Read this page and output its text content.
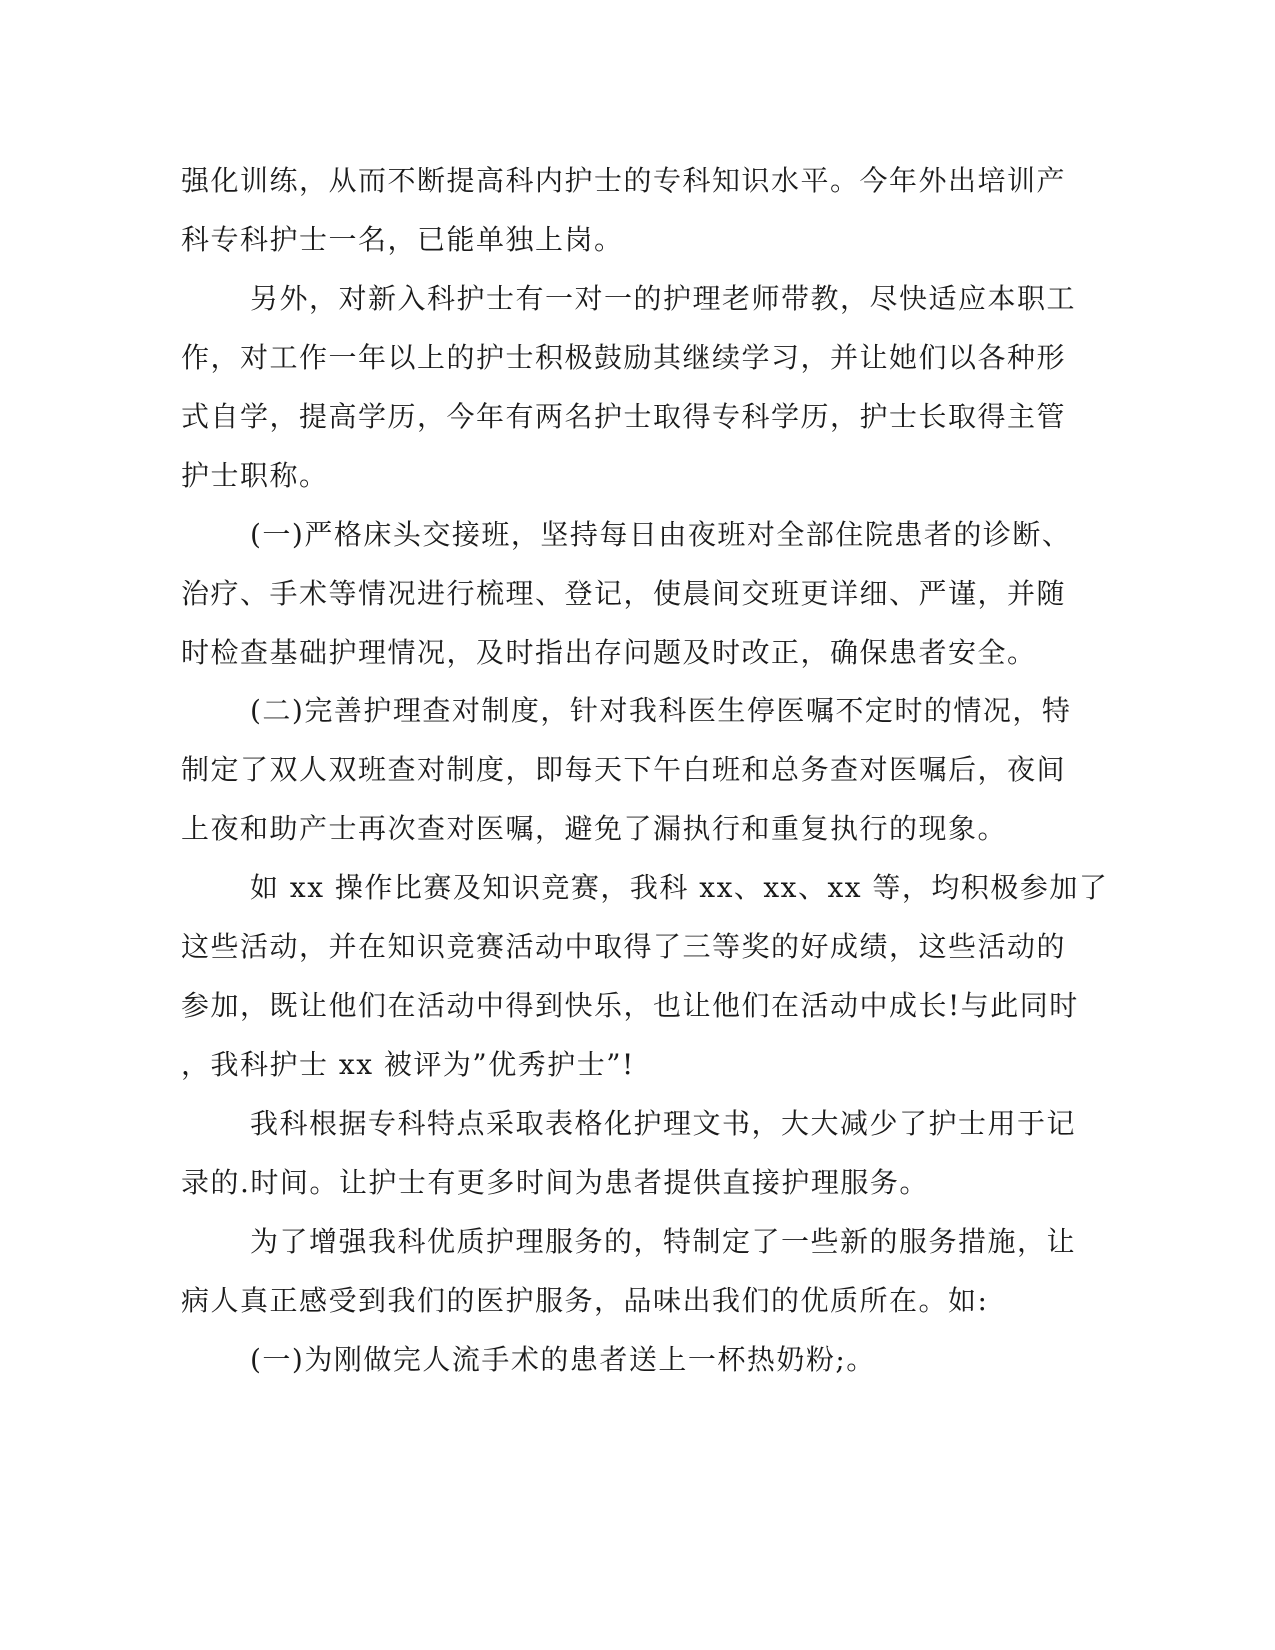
强化训练，从而不断提高科内护士的专科知识水平。今年外出培训产
科专科护士一名，已能单独上岗。
另外，对新入科护士有一对一的护理老师带教，尽快适应本职工
作，对工作一年以上的护士积极鼓励其继续学习，并让她们以各种形
式自学，提高学历，今年有两名护士取得专科学历，护士长取得主管
护士职称。
(一)严格床头交接班，坚持每日由夜班对全部住院患者的诊断、
治疗、手术等情况进行梳理、登记，使晨间交班更详细、严谨，并随
时检查基础护理情况，及时指出存问题及时改正，确保患者安全。
(二)完善护理查对制度，针对我科医生停医嘱不定时的情况，特
制定了双人双班查对制度，即每天下午白班和总务查对医嘱后，夜间
上夜和助产士再次查对医嘱，避免了漏执行和重复执行的现象。
如 xx 操作比赛及知识竞赛，我科 xx、xx、xx 等，均积极参加了
这些活动，并在知识竞赛活动中取得了三等奖的好成绩，这些活动的
参加，既让他们在活动中得到快乐，也让他们在活动中成长!与此同时
，我科护士 xx 被评为”优秀护士”!
我科根据专科特点采取表格化护理文书，大大减少了护士用于记
录的.时间。让护士有更多时间为患者提供直接护理服务。
为了增强我科优质护理服务的，特制定了一些新的服务措施，让
病人真正感受到我们的医护服务，品味出我们的优质所在。如:
(一)为刚做完人流手术的患者送上一杯热奶粉;。
